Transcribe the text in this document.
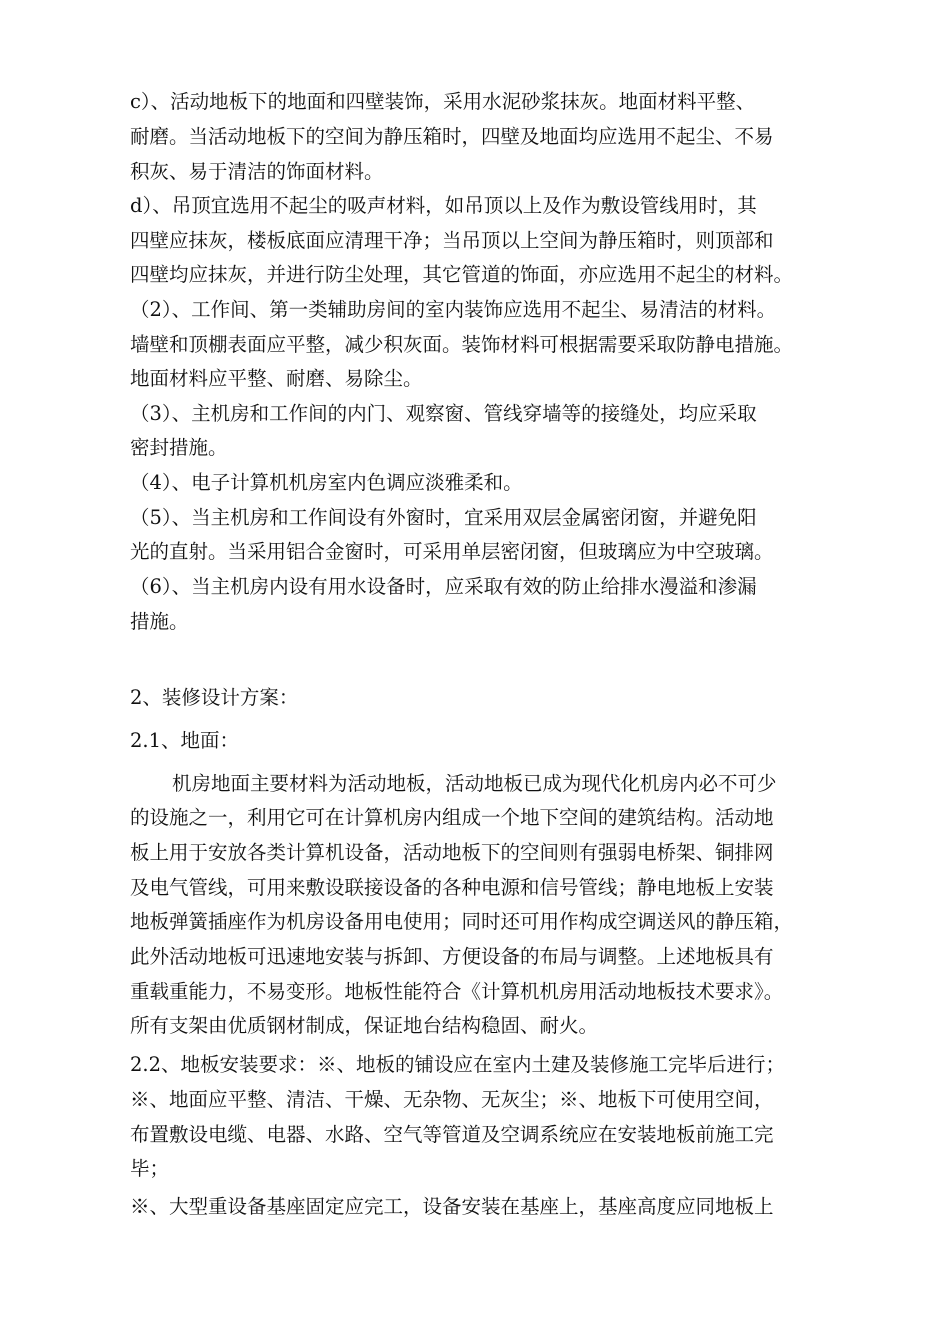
c）、活动地板下的地面和四壁装饰，采用水泥砂浆抹灰。地面材料平整、
耐磨。当活动地板下的空间为静压箱时，四壁及地面均应选用不起尘、不易
积灰、易于清洁的饰面材料。
d）、吊顶宜选用不起尘的吸声材料，如吊顶以上及作为敷设管线用时，其
四壁应抹灰，楼板底面应清理干净；当吊顶以上空间为静压箱时，则顶部和
四壁均应抹灰，并进行防尘处理，其它管道的饰面，亦应选用不起尘的材料。
（2）、工作间、第一类辅助房间的室内装饰应选用不起尘、易清洁的材料。
墙壁和顶棚表面应平整，减少积灰面。装饰材料可根据需要采取防静电措施。
地面材料应平整、耐磨、易除尘。
（3）、主机房和工作间的内门、观察窗、管线穿墙等的接缝处，均应采取
密封措施。
（4）、电子计算机机房室内色调应淡雅柔和。
（5）、当主机房和工作间设有外窗时，宜采用双层金属密闭窗，并避免阳
光的直射。当采用铝合金窗时，可采用单层密闭窗，但玻璃应为中空玻璃。
（6）、当主机房内设有用水设备时，应采取有效的防止给排水漫溢和渗漏
措施。
2、装修设计方案：
2.1、地面：
机房地面主要材料为活动地板，活动地板已成为现代化机房内必不可少
的设施之一，利用它可在计算机房内组成一个地下空间的建筑结构。活动地
板上用于安放各类计算机设备，活动地板下的空间则有强弱电桥架、铜排网
及电气管线，可用来敷设联接设备的各种电源和信号管线；静电地板上安装
地板弹簧插座作为机房设备用电使用；同时还可用作构成空调送风的静压箱，
此外活动地板可迅速地安装与拆卸、方便设备的布局与调整。上述地板具有
重载重能力，不易变形。地板性能符合《计算机机房用活动地板技术要求》。
所有支架由优质钢材制成，保证地台结构稳固、耐火。
2.2、地板安装要求：※、地板的铺设应在室内土建及装修施工完毕后进行；
※、地面应平整、清洁、干燥、无杂物、无灰尘；※、地板下可使用空间，
布置敷设电缆、电器、水路、空气等管道及空调系统应在安装地板前施工完
毕；
※、大型重设备基座固定应完工，设备安装在基座上，基座高度应同地板上
